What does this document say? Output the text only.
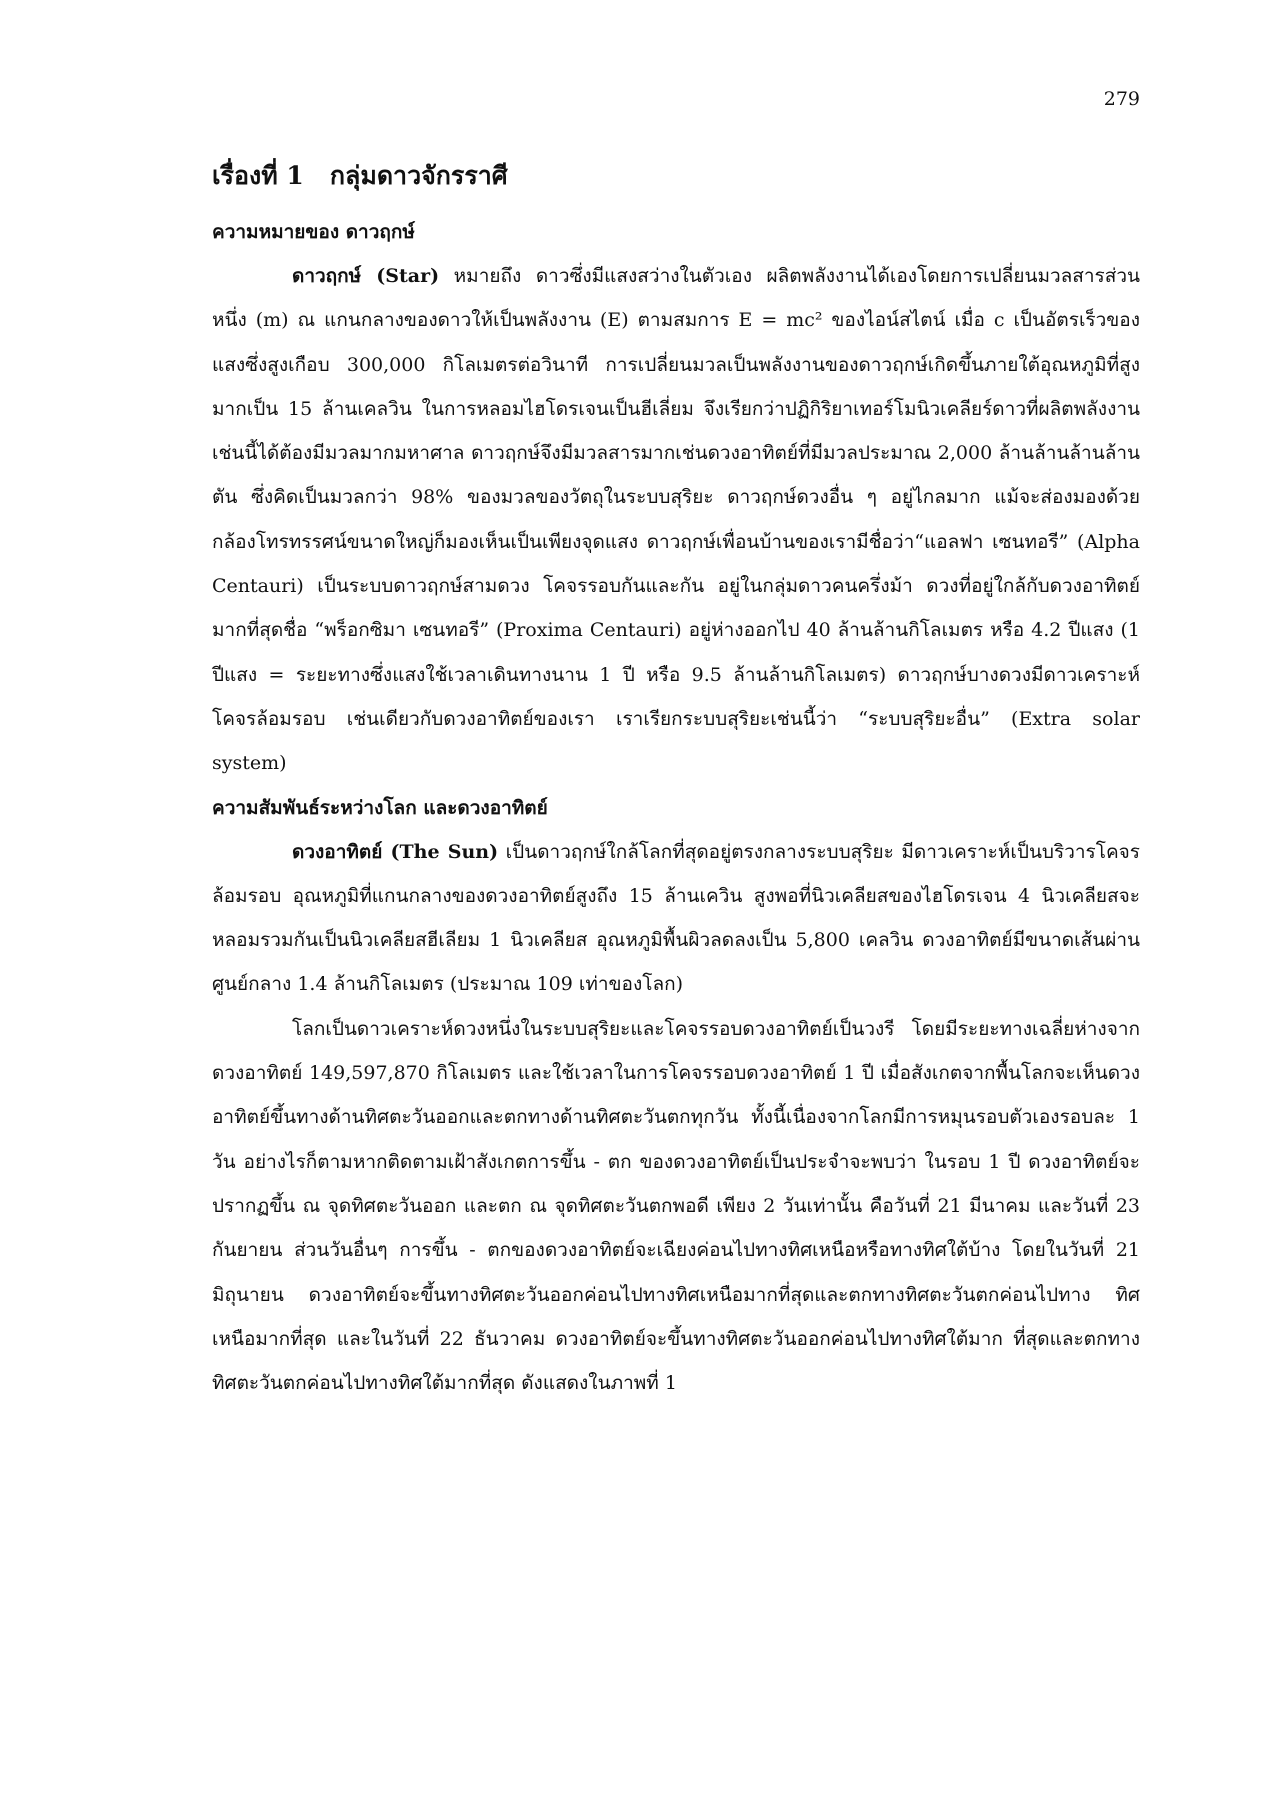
279
เรื่องที่ 1   กลุ่มดาวจักรราศี
ความหมายของ ดาวฤกษ์

ดาวฤกษ์ (Star) หมายถึง ดาวซึ่งมีแสงสว่างในตัวเอง ผลิตพลังงานได้เองโดยการเปลี่ยนมวลสารส่วนหนึ่ง (m) ณ แกนกลางของดาวให้เป็นพลังงาน (E) ตามสมการ E = mc² ของไอน์สไตน์ เมื่อ c เป็นอัตรเร็วของ แสงซึ่งสูงเกือบ 300,000 กิโลเมตรต่อวินาที การเปลี่ยนมวลเป็นพลังงานของดาวฤกษ์เกิดขึ้นภายใต้อุณหภูมิที่สูงมากเป็น 15 ล้านเคลวิน ในการหลอมไฮโดรเจนเป็นฮีเลี่ยม จึงเรียกว่าปฏิกิริยาเทอร์โมนิวเคลียร์ดาวที่ผลิตพลังงานเช่นนี้ได้ต้องมีมวลมากมหาศาล ดาวฤกษ์จึงมีมวลสารมากเช่นดวงอาทิตย์ที่มีมวลประมาณ 2,000 ล้านล้านล้านล้านตัน ซึ่งคิดเป็นมวลกว่า 98% ของมวลของวัตถุในระบบสุริยะ ดาวฤกษ์ดวงอื่น ๆ อยู่ไกลมาก แม้จะส่องมองด้วยกล้องโทรทรรศน์ขนาดใหญ่ก็มองเห็นเป็นเพียงจุดแสง ดาวฤกษ์เพื่อนบ้านของเรามีชื่อว่า“แอลฟา เซนทอรี” (Alpha Centauri) เป็นระบบดาวฤกษ์สามดวง โคจรรอบกันและกัน อยู่ในกลุ่มดาวคนครึ่งม้า ดวงที่อยู่ใกล้กับดวงอาทิตย์มากที่สุดชื่อ “พร็อกซิมา เซนทอรี” (Proxima Centauri) อยู่ห่างออกไป 40 ล้านล้านกิโลเมตร หรือ 4.2 ปีแสง (1 ปีแสง = ระยะทางซึ่งแสงใช้เวลาเดินทางนาน 1 ปี หรือ 9.5 ล้านล้านกิโลเมตร) ดาวฤกษ์บางดวงมีดาวเคราะห์โคจรล้อมรอบ เช่นเดียวกับดวงอาทิตย์ของเรา เราเรียกระบบสุริยะเช่นนี้ว่า “ระบบสุริยะอื่น” (Extra solar system)

ความสัมพันธ์ระหว่างโลก และดวงอาทิตย์

ดวงอาทิตย์ (The Sun) เป็นดาวฤกษ์ใกล้โลกที่สุดอยู่ตรงกลางระบบสุริยะ มีดาวเคราะห์เป็นบริวารโคจรล้อมรอบ อุณหภูมิที่แกนกลางของดวงอาทิตย์สูงถึง 15 ล้านเควิน สูงพอที่นิวเคลียสของไฮโดรเจน 4 นิวเคลียสจะหลอมรวมกันเป็นนิวเคลียสฮีเลียม 1 นิวเคลียส อุณหภูมิพื้นผิวลดลงเป็น 5,800 เคลวิน ดวงอาทิตย์มีขนาดเส้นผ่านศูนย์กลาง 1.4 ล้านกิโลเมตร (ประมาณ 109 เท่าของโลก)

โลกเป็นดาวเคราะห์ดวงหนึ่งในระบบสุริยะและโคจรรอบดวงอาทิตย์เป็นวงรี โดยมีระยะทางเฉลี่ยห่างจากดวงอาทิตย์ 149,597,870 กิโลเมตร และใช้เวลาในการโคจรรอบดวงอาทิตย์ 1 ปี เมื่อสังเกตจากพื้นโลกจะเห็นดวงอาทิตย์ขึ้นทางด้านทิศตะวันออกและตกทางด้านทิศตะวันตกทุกวัน ทั้งนี้เนื่องจากโลกมีการหมุนรอบตัวเองรอบละ 1 วัน อย่างไรก็ตามหากติดตามเฝ้าสังเกตการขึ้น - ตก ของดวงอาทิตย์เป็นประจำจะพบว่า ในรอบ 1 ปี ดวงอาทิตย์จะปรากฏขึ้น ณ จุดทิศตะวันออก และตก ณ จุดทิศตะวันตกพอดี เพียง 2 วันเท่านั้น คือวันที่ 21 มีนาคม และวันที่ 23 กันยายน ส่วนวันอื่นๆ การขึ้น - ตกของดวงอาทิตย์จะเฉียงค่อนไปทางทิศเหนือหรือทางทิศใต้บ้าง โดยในวันที่ 21 มิถุนายน ดวงอาทิตย์จะขึ้นทางทิศตะวันออกค่อนไปทางทิศเหนือมากที่สุดและตกทางทิศตะวันตกค่อนไปทาง ทิศเหนือมากที่สุด และในวันที่ 22 ธันวาคม ดวงอาทิตย์จะขึ้นทางทิศตะวันออกค่อนไปทางทิศใต้มาก ที่สุดและตกทางทิศตะวันตกค่อนไปทางทิศใต้มากที่สุด ดังแสดงในภาพที่ 1
